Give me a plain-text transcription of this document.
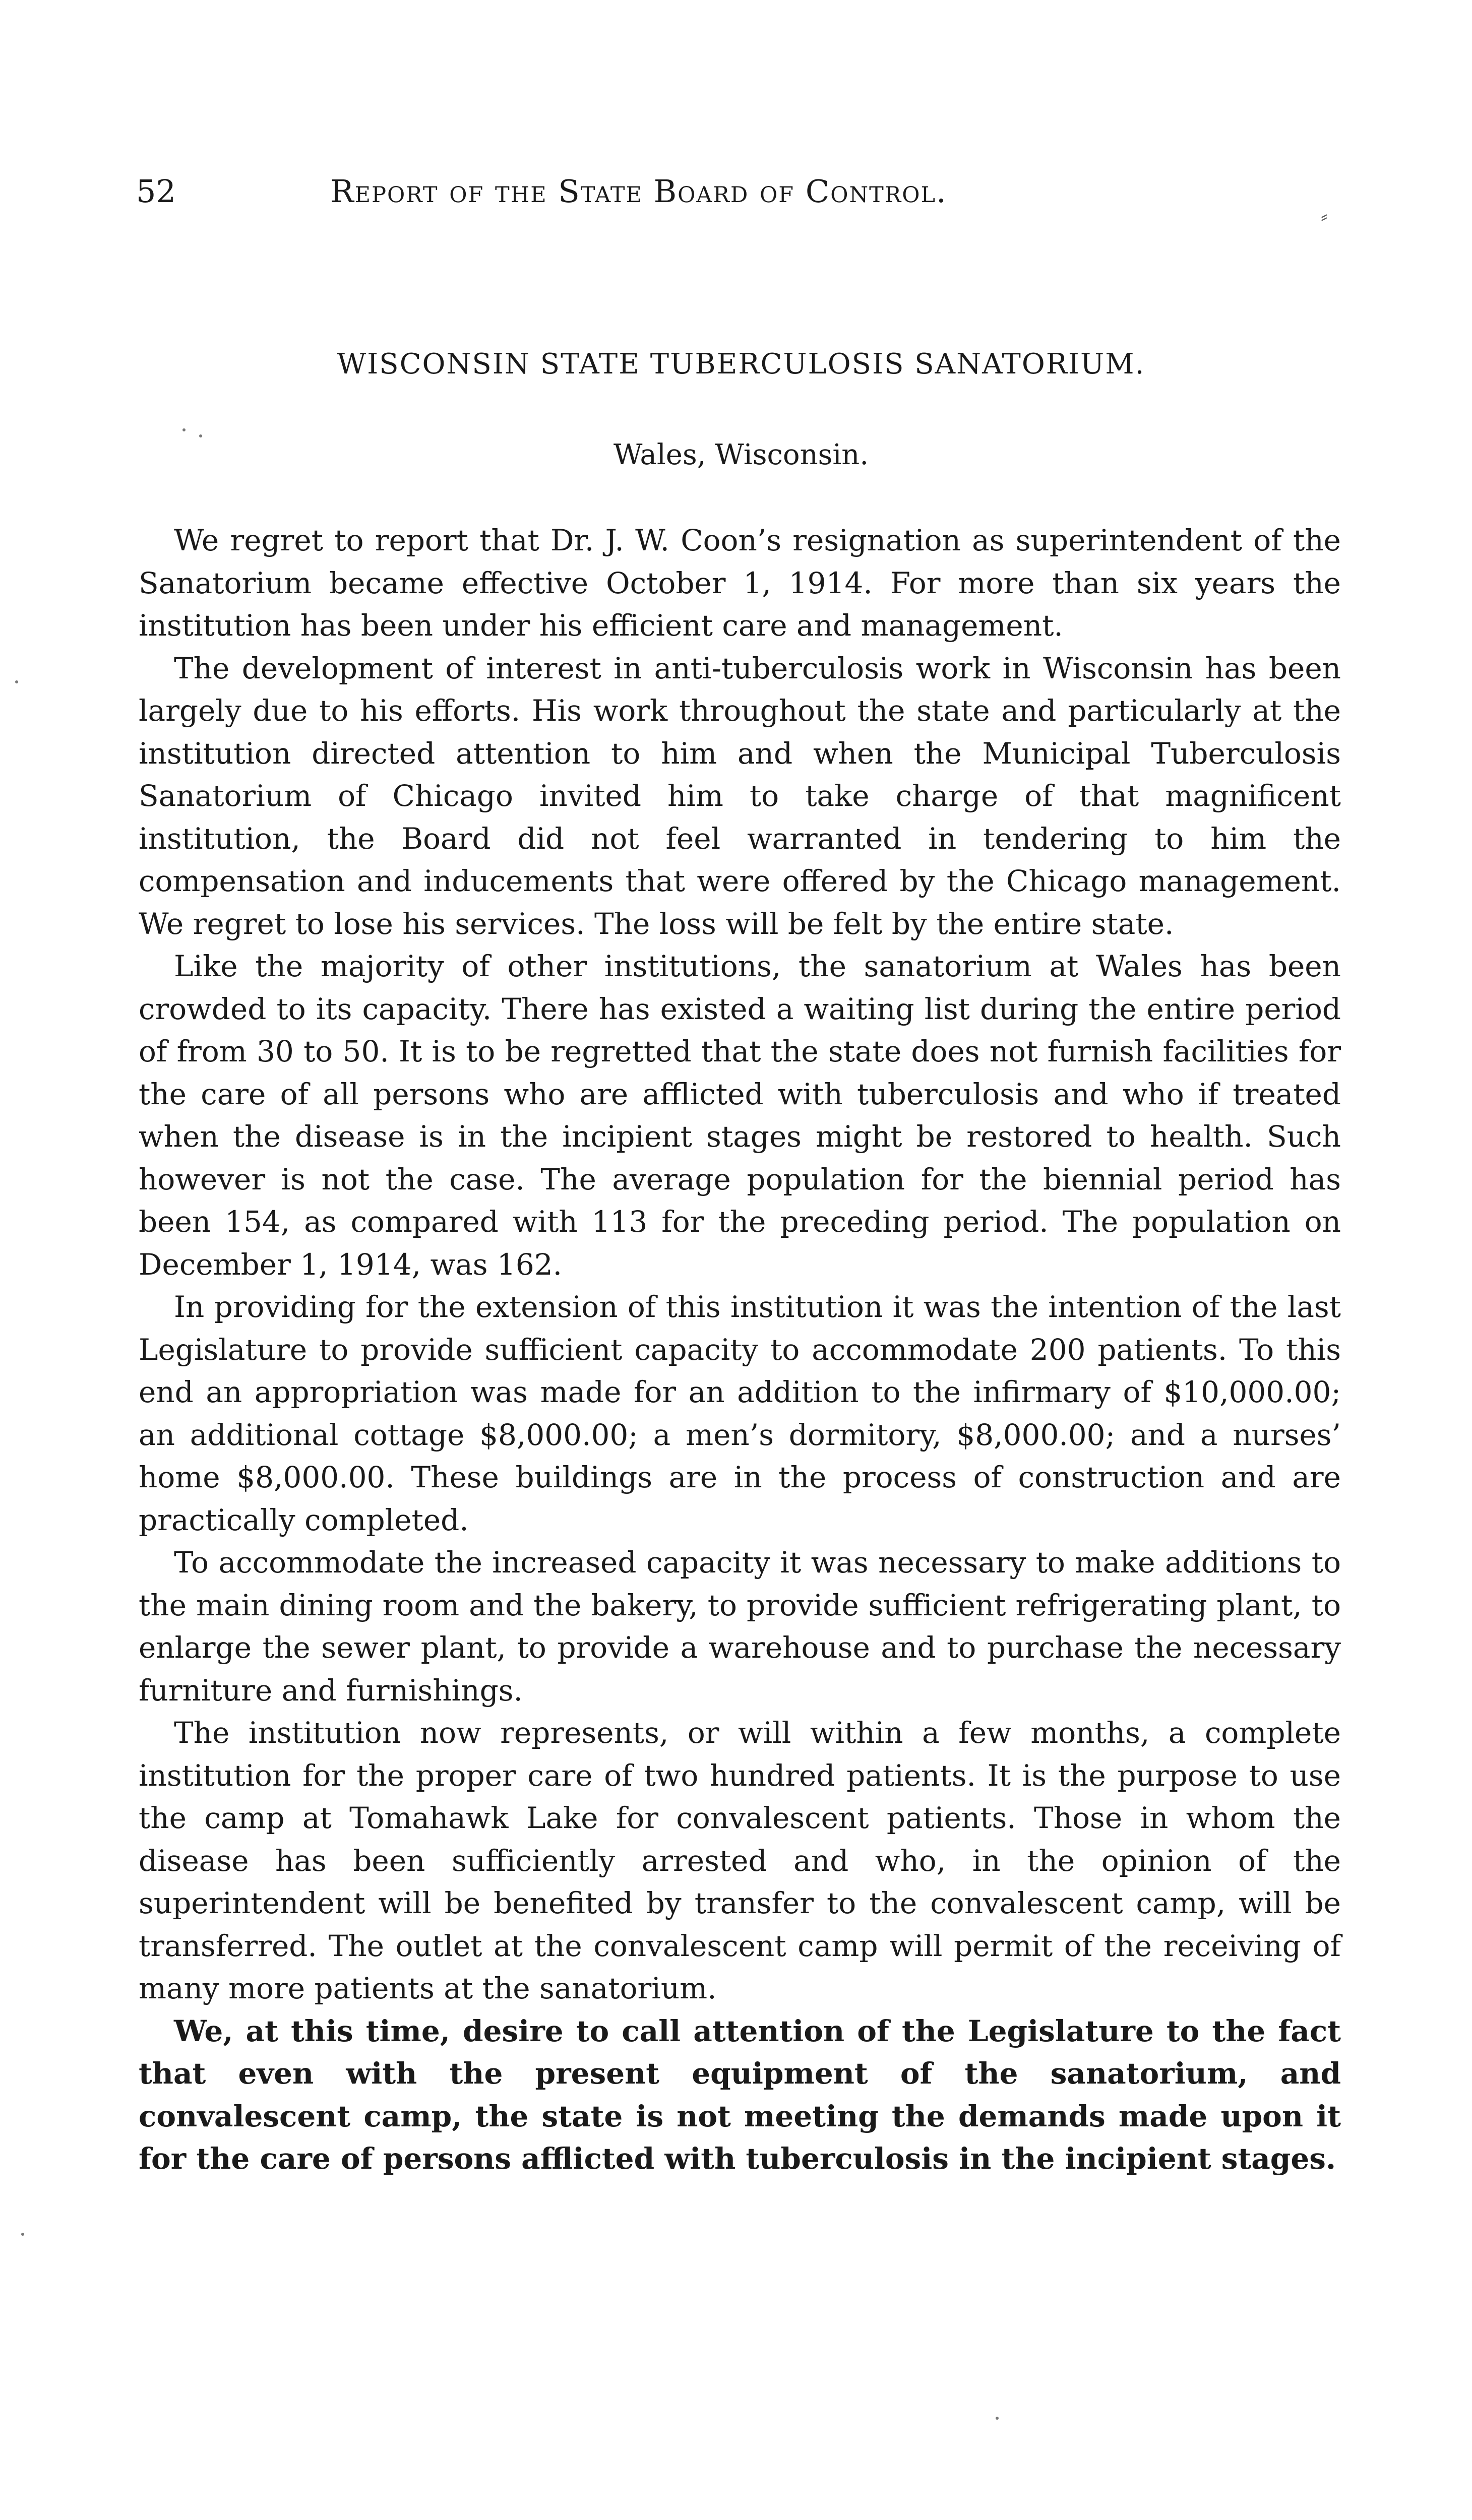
52	Report of the State Board of Control.
⸗
WISCONSIN STATE TUBERCULOSIS SANATORIUM.
Wales, Wisconsin.

We regret to report that Dr. J. W. Coon’s resignation as superintendent of the Sanatorium became effective October 1, 1914. For more than six years the institution has been under his efficient care and management.

The development of interest in anti-tuberculosis work in Wisconsin has been largely due to his efforts. His work throughout the state and particularly at the institution directed attention to him and when the Municipal Tuberculosis Sanatorium of Chicago invited him to take charge of that magnificent institution, the Board did not feel warranted in tendering to him the compensation and inducements that were offered by the Chicago management. We regret to lose his services. The loss will be felt by the entire state.

Like the majority of other institutions, the sanatorium at Wales has been crowded to its capacity. There has existed a waiting list during the entire period of from 30 to 50. It is to be regretted that the state does not furnish facilities for the care of all persons who are afflicted with tuberculosis and who if treated when the disease is in the incipient stages might be restored to health. Such however is not the case. The average population for the biennial period has been 154, as compared with 113 for the preceding period. The population on December 1, 1914, was 162.

In providing for the extension of this institution it was the intention of the last Legislature to provide sufficient capacity to accommodate 200 patients. To this end an appropriation was made for an addition to the infirmary of $10,000.00; an additional cottage $8,000.00; a men’s dormitory, $8,000.00; and a nurses’ home $8,000.00. These buildings are in the process of construction and are practically completed.

To accommodate the increased capacity it was necessary to make additions to the main dining room and the bakery, to provide sufficient refrigerating plant, to enlarge the sewer plant, to provide a warehouse and to purchase the necessary furniture and furnishings.

The institution now represents, or will within a few months, a complete institution for the proper care of two hundred patients. It is the purpose to use the camp at Tomahawk Lake for convalescent patients. Those in whom the disease has been sufficiently arrested and who, in the opinion of the superintendent will be benefited by transfer to the convalescent camp, will be transferred. The outlet at the convalescent camp will permit of the receiving of many more patients at the sanatorium.

We, at this time, desire to call attention of the Legislature to the fact that even with the present equipment of the sanatorium, and convalescent camp, the state is not meeting the demands made upon it for the care of persons afflicted with tuberculosis in the incipient stages.
